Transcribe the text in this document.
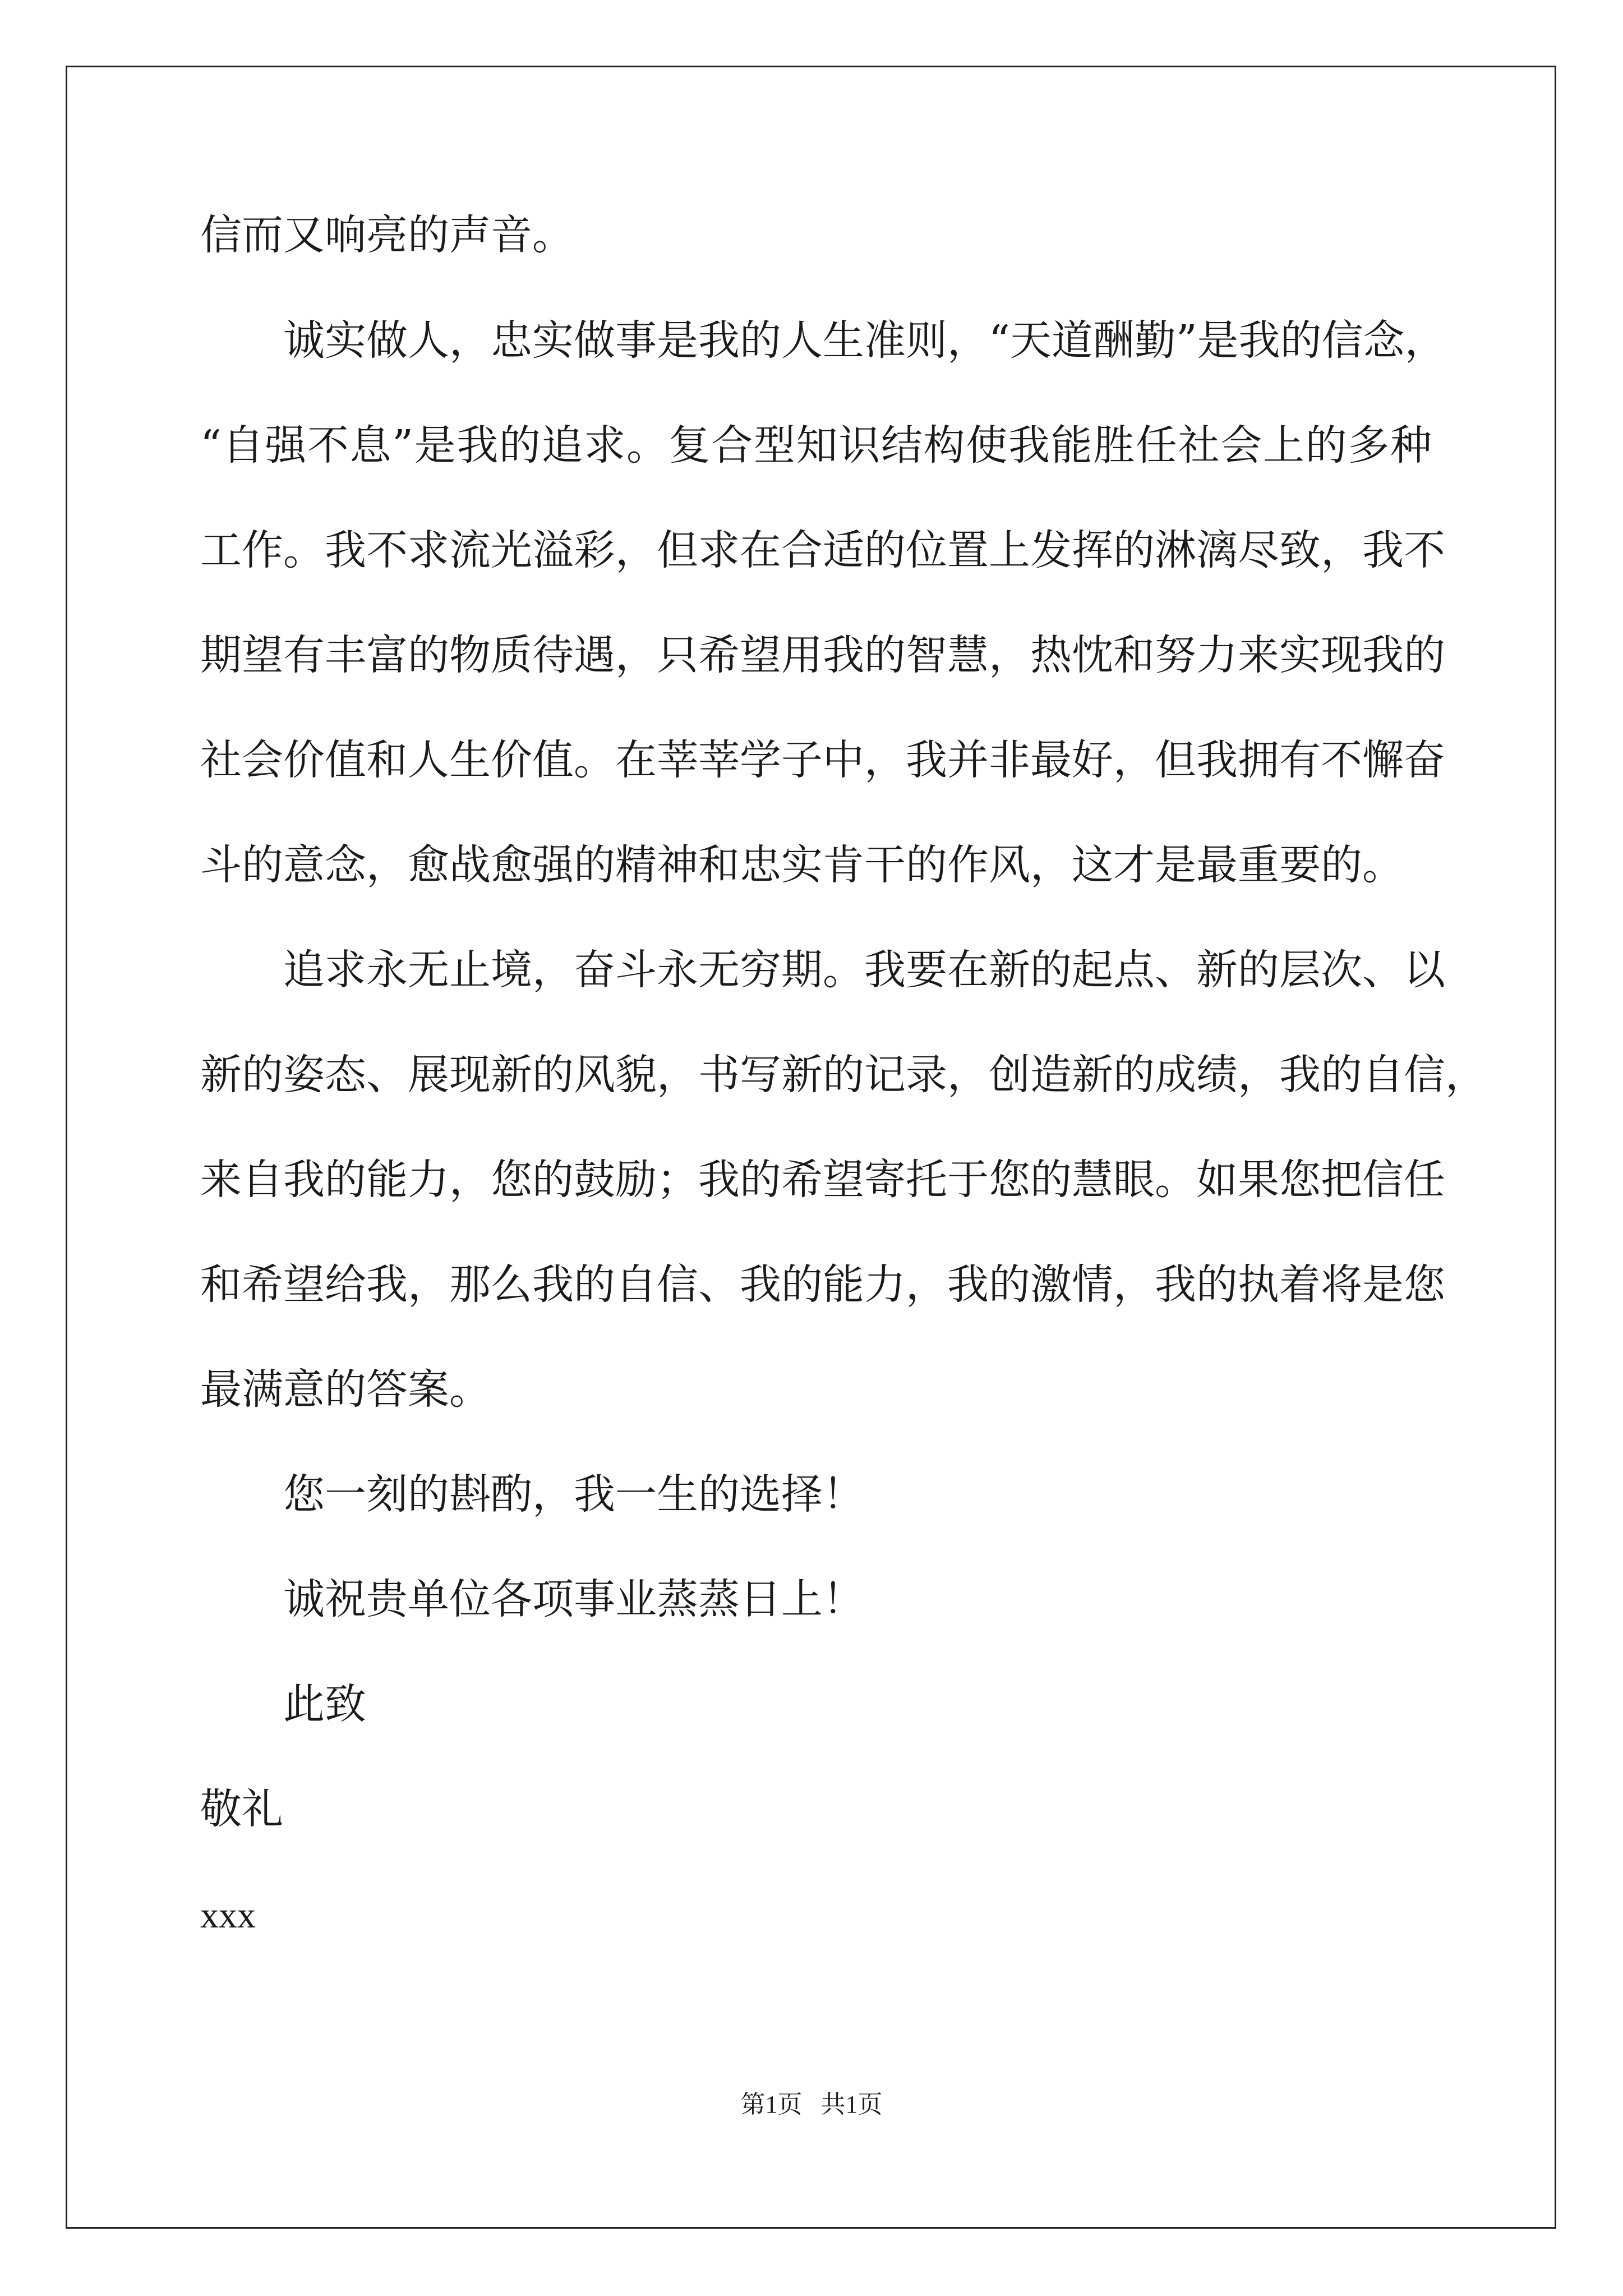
信而又响亮的声音。
诚实做人，忠实做事是我的人生准则，“天道酬勤”是我的信念，
“自强不息”是我的追求。复合型知识结构使我能胜任社会上的多种
工作。我不求流光溢彩，但求在合适的位置上发挥的淋漓尽致，我不
期望有丰富的物质待遇，只希望用我的智慧，热忱和努力来实现我的
社会价值和人生价值。在莘莘学子中，我并非最好，但我拥有不懈奋
斗的意念，愈战愈强的精神和忠实肯干的作风，这才是最重要的。
追求永无止境，奋斗永无穷期。我要在新的起点、新的层次、以
新的姿态、展现新的风貌，书写新的记录，创造新的成绩，我的自信，
来自我的能力，您的鼓励；我的希望寄托于您的慧眼。如果您把信任
和希望给我，那么我的自信、我的能力，我的激情，我的执着将是您
最满意的答案。
您一刻的斟酌，我一生的选择！
诚祝贵单位各项事业蒸蒸日上！
此致
敬礼
xxx
第1页   共1页
